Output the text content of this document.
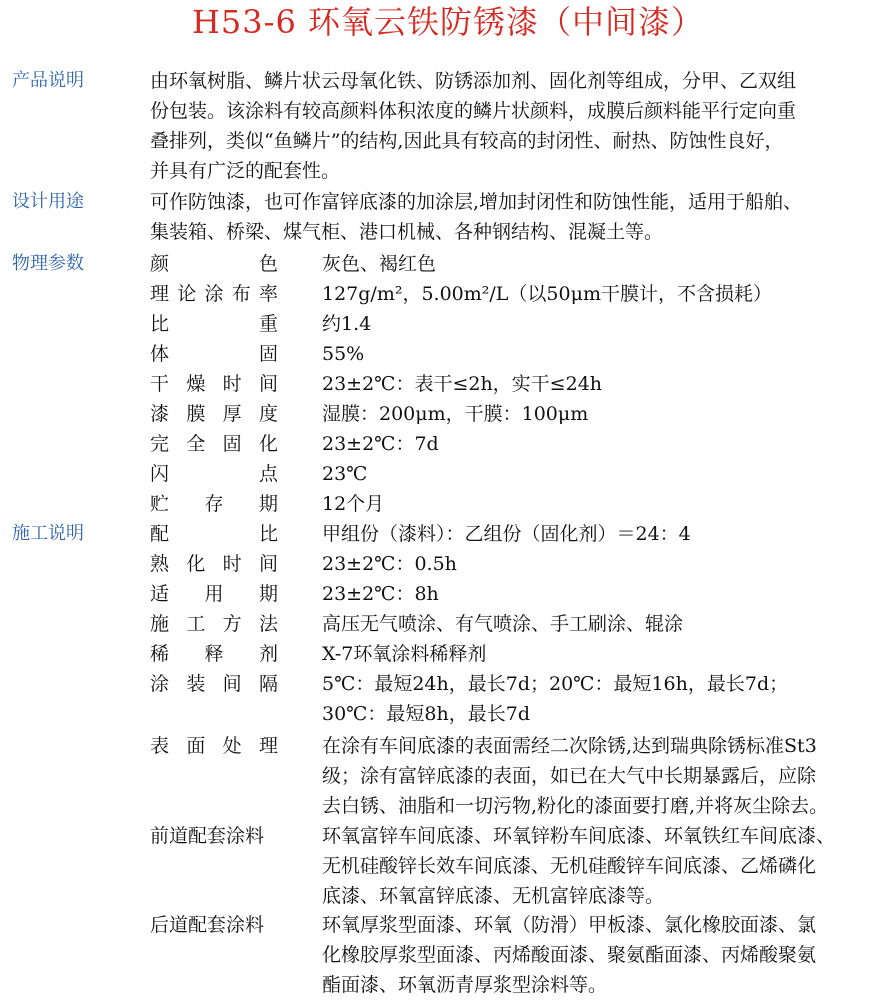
H53-6 环氧云铁防锈漆（中间漆）
产品说明	由环氧树脂、鳞片状云母氧化铁、防锈添加剂、固化剂等组成，分甲、乙双组
份包装。该涂料有较高颜料体积浓度的鳞片状颜料，成膜后颜料能平行定向重
叠排列，类似“鱼鳞片”的结构,因此具有较高的封闭性、耐热、防蚀性良好，
并具有广泛的配套性。

设计用途	可作防蚀漆，也可作富锌底漆的加涂层,增加封闭性和防蚀性能，适用于船舶、
集装箱、桥梁、煤气柜、港口机械、各种钢结构、混凝土等。

物理参数	颜色 灰色、褐红色
理论涂布率 127g/m²，5.00m²/L（以50μm干膜计，不含损耗）
比重 约1.4
体固 55%
干燥时间 23±2℃：表干≤2h，实干≤24h
漆膜厚度 湿膜：200μm，干膜：100μm
完全固化 23±2℃：7d
闪点 23℃
贮存期 12个月
施工说明	配比 甲组份（漆料）：乙组份（固化剂）＝24：4
熟化时间 23±2℃：0.5h
适用期 23±2℃：8h
施工方法 高压无气喷涂、有气喷涂、手工刷涂、辊涂
稀释剂 X-7环氧涂料稀释剂
涂装间隔 5℃：最短24h，最长7d；20℃：最短16h，最长7d；
30℃：最短8h，最长7d
表面处理 在涂有车间底漆的表面需经二次除锈,达到瑞典除锈标准St3
级；涂有富锌底漆的表面，如已在大气中长期暴露后，应除
去白锈、油脂和一切污物,粉化的漆面要打磨,并将灰尘除去。
前道配套涂料	环氧富锌车间底漆、环氧锌粉车间底漆、环氧铁红车间底漆、
无机硅酸锌长效车间底漆、无机硅酸锌车间底漆、乙烯磷化
底漆、环氧富锌底漆、无机富锌底漆等。
后道配套涂料	环氧厚浆型面漆、环氧（防滑）甲板漆、氯化橡胶面漆、氯
化橡胶厚浆型面漆、丙烯酸面漆、聚氨酯面漆、丙烯酸聚氨
酯面漆、环氧沥青厚浆型涂料等。
